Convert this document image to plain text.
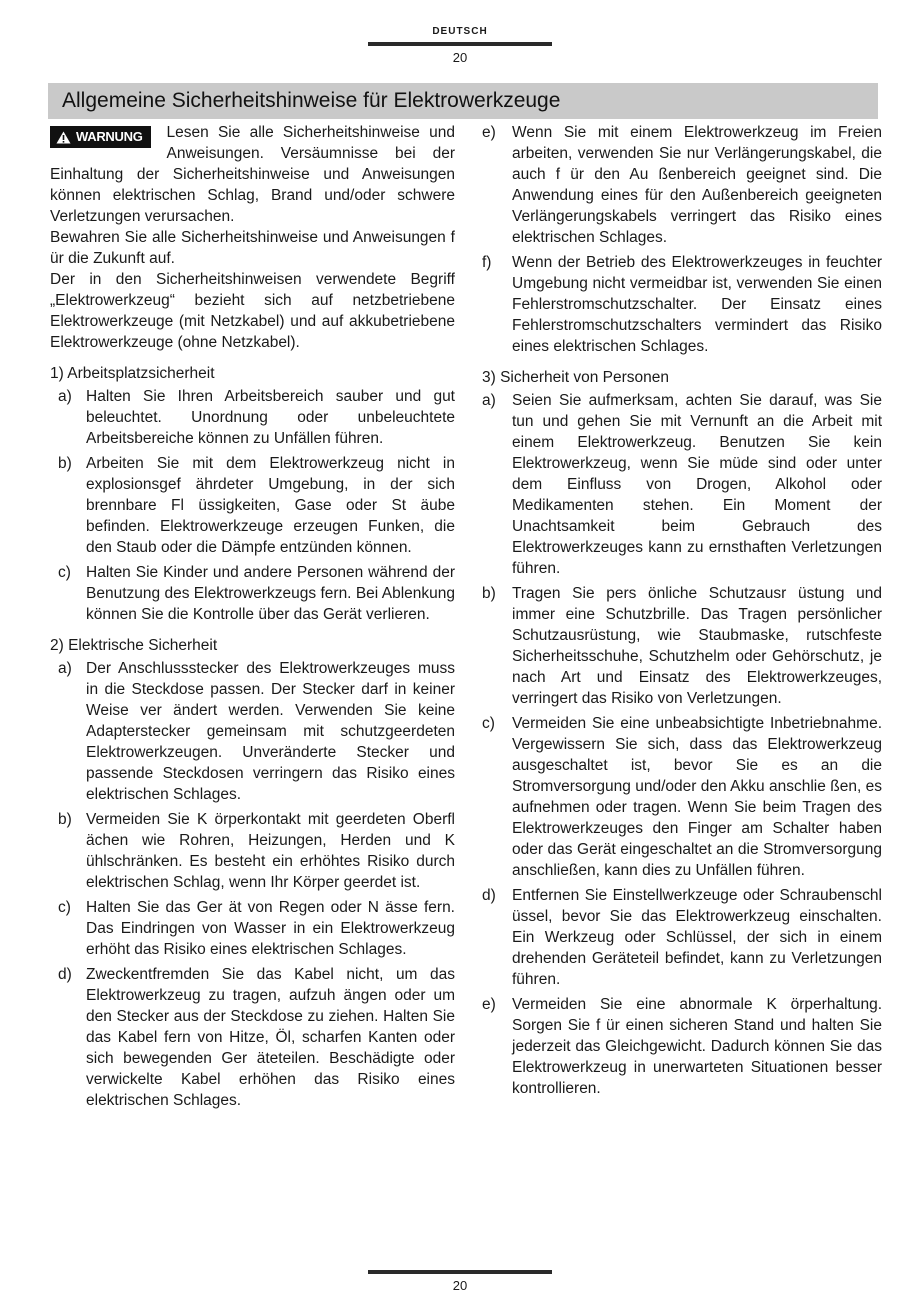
DEUTSCH
20
Allgemeine Sicherheitshinweise für Elektrowerkzeuge
WARNUNG	Lesen Sie alle Sicherheitshinweise und Anweisungen. Versäumnisse bei der Einhaltung der Sicherheitshinweise und Anweisungen können elektrischen Schlag, Brand und/oder schwere Verletzungen verursachen.

Bewahren Sie alle Sicherheitshinweise und Anweisungen f ür die Zukunft auf.

Der in den Sicherheitshinweisen verwendete Begriff „Elektrowerkzeug“ bezieht sich auf netzbetriebene Elektrowerkzeuge (mit Netzkabel) und auf akkubetriebene Elektrowerkzeuge (ohne Netzkabel).

1) Arbeitsplatzsicherheit

a) Halten Sie Ihren Arbeitsbereich sauber und gut beleuchtet. Unordnung oder unbeleuchtete Arbeitsbereiche können zu Unfällen führen.
b) Arbeiten Sie mit dem Elektrowerkzeug nicht in explosionsgef ährdeter Umgebung, in der sich brennbare Fl üssigkeiten, Gase oder St äube befinden. Elektrowerkzeuge erzeugen Funken, die den Staub oder die Dämpfe entzünden können.
c) Halten Sie Kinder und andere Personen während der Benutzung des Elektrowerkzeugs fern. Bei Ablenkung können Sie die Kontrolle über das Gerät verlieren.

2) Elektrische Sicherheit

a) Der Anschlussstecker des Elektrowerkzeuges muss in die Steckdose passen. Der Stecker darf in keiner Weise ver ändert werden. Verwenden Sie keine Adapterstecker gemeinsam mit schutzgeerdeten Elektrowerkzeugen. Unveränderte Stecker und passende Steckdosen verringern das Risiko eines elektrischen Schlages.
b) Vermeiden Sie K örperkontakt mit geerdeten Oberfl ächen wie Rohren, Heizungen, Herden und K ühlschränken. Es besteht ein erhöhtes Risiko durch elektrischen Schlag, wenn Ihr Körper geerdet ist.
c) Halten Sie das Ger ät von Regen oder N ässe fern. Das Eindringen von Wasser in ein Elektrowerkzeug erhöht das Risiko eines elektrischen Schlages.
d) Zweckentfremden Sie das Kabel nicht, um das Elektrowerkzeug zu tragen, aufzuh ängen oder um den Stecker aus der Steckdose zu ziehen. Halten Sie das Kabel fern von Hitze, Öl, scharfen Kanten oder sich bewegenden Ger äteteilen. Beschädigte oder verwickelte Kabel erhöhen das Risiko eines elektrischen Schlages.
e)	Wenn Sie mit einem Elektrowerkzeug im Freien arbeiten, verwenden Sie nur Verlängerungskabel, die auch f ür den Au ßenbereich geeignet sind. Die Anwendung eines für den Außenbereich geeigneten Verlängerungskabels verringert das Risiko eines elektrischen Schlages.
f)	Wenn der Betrieb des Elektrowerkzeuges in feuchter Umgebung nicht vermeidbar ist, verwenden Sie einen Fehlerstromschutzschalter. Der Einsatz eines Fehlerstromschutzschalters vermindert das Risiko eines elektrischen Schlages.

3) Sicherheit von Personen

a)	Seien Sie aufmerksam, achten Sie darauf, was Sie tun und gehen Sie mit Vernunft an die Arbeit mit einem Elektrowerkzeug. Benutzen Sie kein Elektrowerkzeug, wenn Sie müde sind oder unter dem Einfluss von Drogen, Alkohol oder Medikamenten stehen. Ein Moment der Unachtsamkeit beim Gebrauch des Elektrowerkzeuges kann zu ernsthaften Verletzungen führen.
b)	Tragen Sie pers önliche Schutzausr üstung und immer eine Schutzbrille. Das Tragen persönlicher Schutzausrüstung, wie Staubmaske, rutschfeste Sicherheitsschuhe, Schutzhelm oder Gehörschutz, je nach Art und Einsatz des Elektrowerkzeuges, verringert das Risiko von Verletzungen.
c)	Vermeiden Sie eine unbeabsichtigte Inbetriebnahme. Vergewissern Sie sich, dass das Elektrowerkzeug ausgeschaltet ist, bevor Sie es an die Stromversorgung und/oder den Akku anschlie ßen, es aufnehmen oder tragen. Wenn Sie beim Tragen des Elektrowerkzeuges den Finger am Schalter haben oder das Gerät eingeschaltet an die Stromversorgung anschließen, kann dies zu Unfällen führen.
d)	Entfernen Sie Einstellwerkzeuge oder Schraubenschl üssel, bevor Sie das Elektrowerkzeug einschalten. Ein Werkzeug oder Schlüssel, der sich in einem drehenden Geräteteil befindet, kann zu Verletzungen führen.
e)	Vermeiden Sie eine abnormale K örperhaltung. Sorgen Sie f ür einen sicheren Stand und halten Sie jederzeit das Gleichgewicht. Dadurch können Sie das Elektrowerkzeug in unerwarteten Situationen besser kontrollieren.
20
